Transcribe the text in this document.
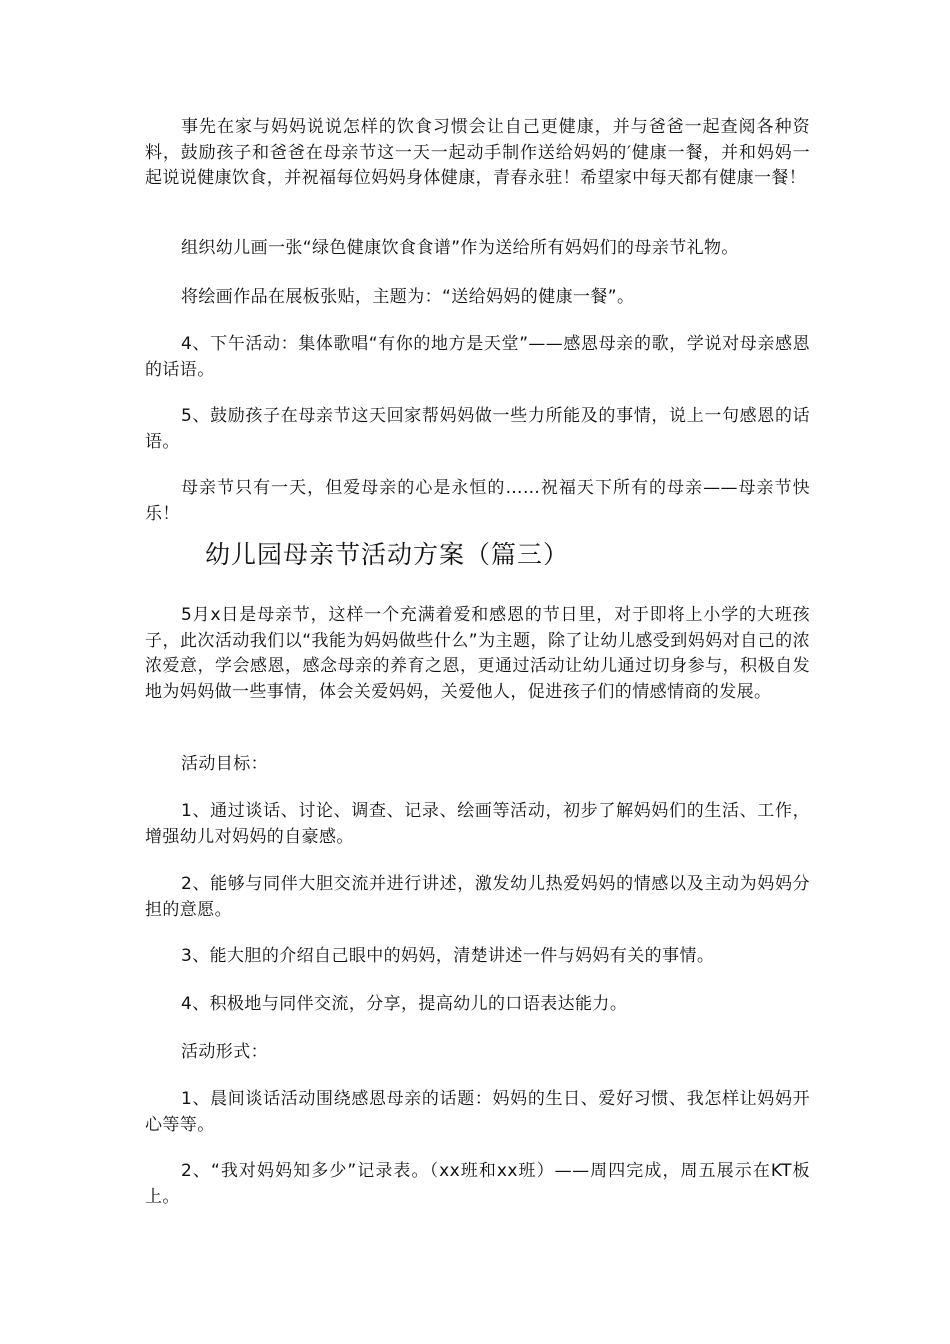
事先在家与妈妈说说怎样的饮食习惯会让自己更健康，并与爸爸一起查阅各种资料，鼓励孩子和爸爸在母亲节这一天一起动手制作送给妈妈的′健康一餐，并和妈妈一起说说健康饮食，并祝福每位妈妈身体健康，青春永驻！希望家中每天都有健康一餐！

组织幼儿画一张“绿色健康饮食食谱”作为送给所有妈妈们的母亲节礼物。

将绘画作品在展板张贴，主题为：“送给妈妈的健康一餐”。

4、下午活动：集体歌唱“有你的地方是天堂”——感恩母亲的歌，学说对母亲感恩的话语。

5、鼓励孩子在母亲节这天回家帮妈妈做一些力所能及的事情，说上一句感恩的话语。

母亲节只有一天，但爱母亲的心是永恒的……祝福天下所有的母亲——母亲节快乐！

幼儿园母亲节活动方案（篇三）

5月x日是母亲节，这样一个充满着爱和感恩的节日里，对于即将上小学的大班孩子，此次活动我们以“我能为妈妈做些什么”为主题，除了让幼儿感受到妈妈对自己的浓浓爱意，学会感恩，感念母亲的养育之恩，更通过活动让幼儿通过切身参与，积极自发地为妈妈做一些事情，体会关爱妈妈，关爱他人，促进孩子们的情感情商的发展。

活动目标：

1、通过谈话、讨论、调查、记录、绘画等活动，初步了解妈妈们的生活、工作，增强幼儿对妈妈的自豪感。

2、能够与同伴大胆交流并进行讲述，激发幼儿热爱妈妈的情感以及主动为妈妈分担的意愿。

3、能大胆的介绍自己眼中的妈妈，清楚讲述一件与妈妈有关的事情。

4、积极地与同伴交流，分享，提高幼儿的口语表达能力。

活动形式：

1、晨间谈话活动围绕感恩母亲的话题：妈妈的生日、爱好习惯、我怎样让妈妈开心等等。

2、“我对妈妈知多少”记录表。（xx班和xx班）——周四完成，周五展示在KT板上。
